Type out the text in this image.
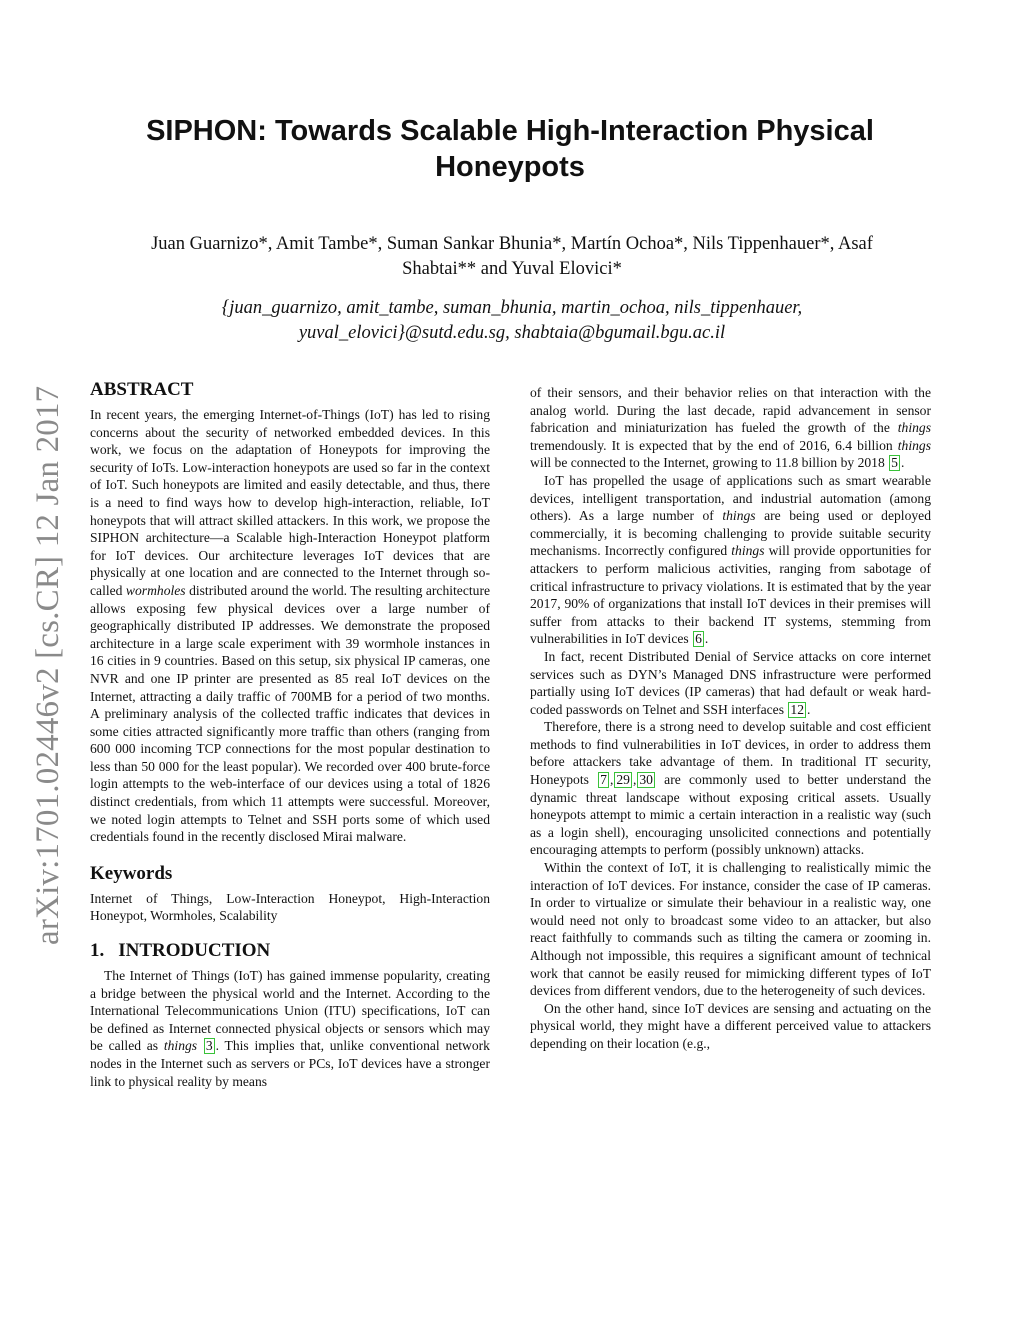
arXiv:1701.02446v2 [cs.CR] 12 Jan 2017
SIPHON: Towards Scalable High-Interaction Physical
Honeypots
Juan Guarnizo*, Amit Tambe*, Suman Sankar Bhunia*, Martín Ochoa*, Nils Tippenhauer*, Asaf
Shabtai** and Yuval Elovici*
{juan_guarnizo, amit_tambe, suman_bhunia, martin_ochoa, nils_tippenhauer,
yuval_elovici}@sutd.edu.sg, shabtaia@bgumail.bgu.ac.il
ABSTRACT

In recent years, the emerging Internet-of-Things (IoT) has led to rising concerns about the security of networked embedded devices. In this work, we focus on the adaptation of Honeypots for improving the security of IoTs. Low-interaction honeypots are used so far in the context of IoT. Such honeypots are limited and easily detectable, and thus, there is a need to find ways how to develop high-interaction, reliable, IoT honeypots that will attract skilled attackers. In this work, we propose the SIPHON architecture—a Scalable high-Interaction Honeypot platform for IoT devices. Our architecture leverages IoT devices that are physically at one location and are connected to the Internet through so-called wormholes distributed around the world. The resulting architecture allows exposing few physical devices over a large number of geographically distributed IP addresses. We demonstrate the proposed architecture in a large scale experiment with 39 wormhole instances in 16 cities in 9 countries. Based on this setup, six physical IP cameras, one NVR and one IP printer are presented as 85 real IoT devices on the Internet, attracting a daily traffic of 700MB for a period of two months. A preliminary analysis of the collected traffic indicates that devices in some cities attracted significantly more traffic than others (ranging from 600 000 incoming TCP connections for the most popular destination to less than 50 000 for the least popular). We recorded over 400 brute-force login attempts to the web-interface of our devices using a total of 1826 distinct credentials, from which 11 attempts were successful. Moreover, we noted login attempts to Telnet and SSH ports some of which used credentials found in the recently disclosed Mirai malware.

Keywords

Internet of Things, Low-Interaction Honeypot, High-Interaction Honeypot, Wormholes, Scalability

1. INTRODUCTION

The Internet of Things (IoT) has gained immense popularity, creating a bridge between the physical world and the Internet. According to the International Telecommunications Union (ITU) specifications, IoT can be defined as Internet connected physical objects or sensors which may be called as things 3 . This implies that, unlike conventional network nodes in the Internet such as servers or PCs, IoT devices have a stronger link to physical reality by means

of their sensors, and their behavior relies on that interaction with the analog world. During the last decade, rapid advancement in sensor fabrication and miniaturization has fueled the growth of the things tremendously. It is expected that by the end of 2016, 6.4 billion things will be connected to the Internet, growing to 11.8 billion by 2018 5 .

IoT has propelled the usage of applications such as smart wearable devices, intelligent transportation, and industrial automation (among others). As a large number of things are being used or deployed commercially, it is becoming challenging to provide suitable security mechanisms. Incorrectly configured things will provide opportunities for attackers to perform malicious activities, ranging from sabotage of critical infrastructure to privacy violations. It is estimated that by the year 2017, 90% of organizations that install IoT devices in their premises will suffer from attacks to their backend IT systems, stemming from vulnerabilities in IoT devices 6 .

In fact, recent Distributed Denial of Service attacks on core internet services such as DYN’s Managed DNS infrastructure were performed partially using IoT devices (IP cameras) that had default or weak hard-coded passwords on Telnet and SSH interfaces 12 .

Therefore, there is a strong need to develop suitable and cost efficient methods to find vulnerabilities in IoT devices, in order to address them before attackers take advantage of them. In traditional IT security, Honeypots 7 , 29 , 30 are commonly used to better understand the dynamic threat landscape without exposing critical assets. Usually honeypots attempt to mimic a certain interaction in a realistic way (such as a login shell), encouraging unsolicited connections and potentially encouraging attempts to perform (possibly unknown) attacks.

Within the context of IoT, it is challenging to realistically mimic the interaction of IoT devices. For instance, consider the case of IP cameras. In order to virtualize or simulate their behaviour in a realistic way, one would need not only to broadcast some video to an attacker, but also react faithfully to commands such as tilting the camera or zooming in. Although not impossible, this requires a significant amount of technical work that cannot be easily reused for mimicking different types of IoT devices from different vendors, due to the heterogeneity of such devices.

On the other hand, since IoT devices are sensing and actuating on the physical world, they might have a different perceived value to attackers depending on their location (e.g.,
